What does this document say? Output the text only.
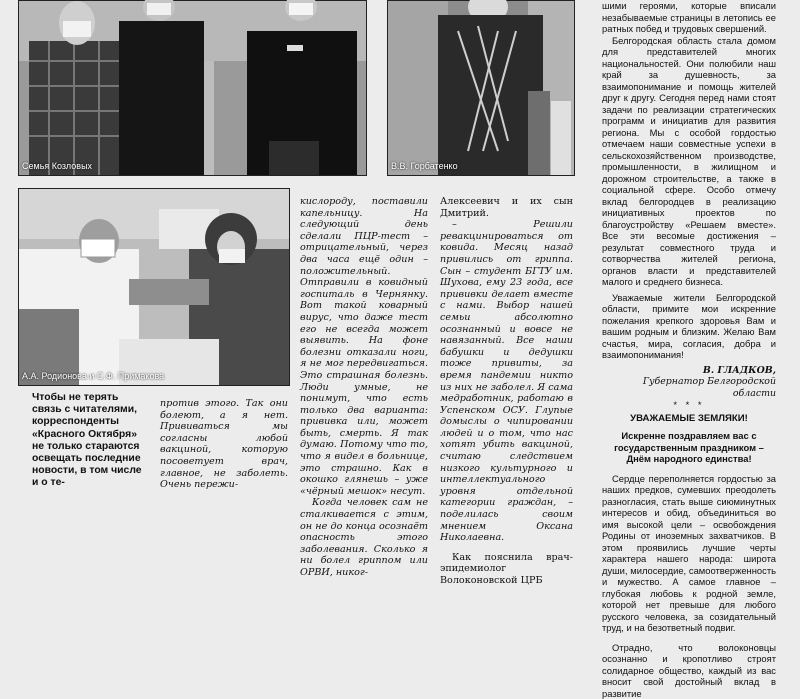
Семья Козловых	В.В. Горбатенко
А.А. Родионова и С.Ф. Примакова
Чтобы не терять связь с читателями, корреспонденты «Красного Октября» не только стараются освещать последние новости, в том числе и о те-

против этого. Так они болеют, а я нет. Прививаться мы согласны любой вакциной, которую посоветует врач, главное, не заболеть. Очень пережи-

кислороду, поставили капельницу. На следующий день сделали ПЦР-тест – отрицательный, через два часа ещё один – положительный. Отправили в ковидный госпиталь в Чернянку. Вот такой коварный вирус, что даже тест его не всегда может выявить. На фоне болезни отказали ноги, я не мог передвигаться. Это страшная болезнь. Люди умные, не понимут, что есть только два варианта: прививка или, может быть, смерть. Я так думаю. Потому что то, что я видел в больнице, это страшно. Как в окошко глянешь – уже «чёрный мешок» несут.

Когда человек сам не сталкивается с этим, он не до конца осознаёт опасность этого заболевания. Сколько я ни болел гриппом или ОРВИ, никог-

Алексеевич и их сын Дмитрий.

– Решили ревакцинироваться от ковида. Месяц назад привились от гриппа. Сын – студент БГТУ им. Шухова, ему 23 года, все прививки делает вместе с нами. Выбор нашей семьи абсолютно осознанный и вовсе не навязанный. Все наши бабушки и дедушки тоже привиты, за время пандемии никто из них не заболел. Я сама медработник, работаю в Успенском ОСУ. Глупые домыслы о чипировании людей и о том, что нас хотят убить вакциной, считаю следствием низкого культурного и интеллектуального уровня отдельной категории граждан, – поделилась своим мнением Оксана Николаевна.

Как пояснила врач-эпидемиолог Волоконовской ЦРБ

шими героями, которые вписали незабываемые страницы в летопись ее ратных побед и трудовых свершений.

Белгородская область стала домом для представителей многих национальностей. Они полюбили наш край за душевность, за взаимопонимание и помощь жителей друг к другу. Сегодня перед нами стоят задачи по реализации стратегических программ и инициатив для развития региона. Мы с особой гордостью отмечаем наши совместные успехи в сельскохозяйственном производстве, промышленности, в жилищном и дорожном строительстве, а также в социальной сфере. Особо отмечу вклад белгородцев в реализацию инициативных проектов по благоустройству «Решаем вместе». Все эти весомые достижения – результат совместного труда и сотворчества жителей региона, органов власти и представителей малого и среднего бизнеса.

Уважаемые жители Белгородской области, примите мои искренние пожелания крепкого здоровья Вам и вашим родным и близким. Желаю Вам счастья, мира, согласия, добра и взаимопонимания!

В. ГЛАДКОВ,
Губернатор Белгородской области
* * *
УВАЖАЕМЫЕ ЗЕМЛЯКИ!
Искренне поздравляем вас с государственным праздником – Днём народного единства!

Сердце переполняется гордостью за наших предков, сумевших преодолеть разногласия, стать выше сиюминутных интересов и обид, объединиться во имя высокой цели – освобождения Родины от иноземных захватчиков. В этом проявились лучшие черты характера нашего народа: широта души, милосердие, самоотверженность и мужество. А самое главное – глубокая любовь к родной земле, которой нет превыше для любого русского человека, за созидательный труд, и на безответный подвиг.

Отрадно, что волоконовцы осознанно и кропотливо строят солидарное общество, каждый из вас вносит свой достойный вклад в развитие
